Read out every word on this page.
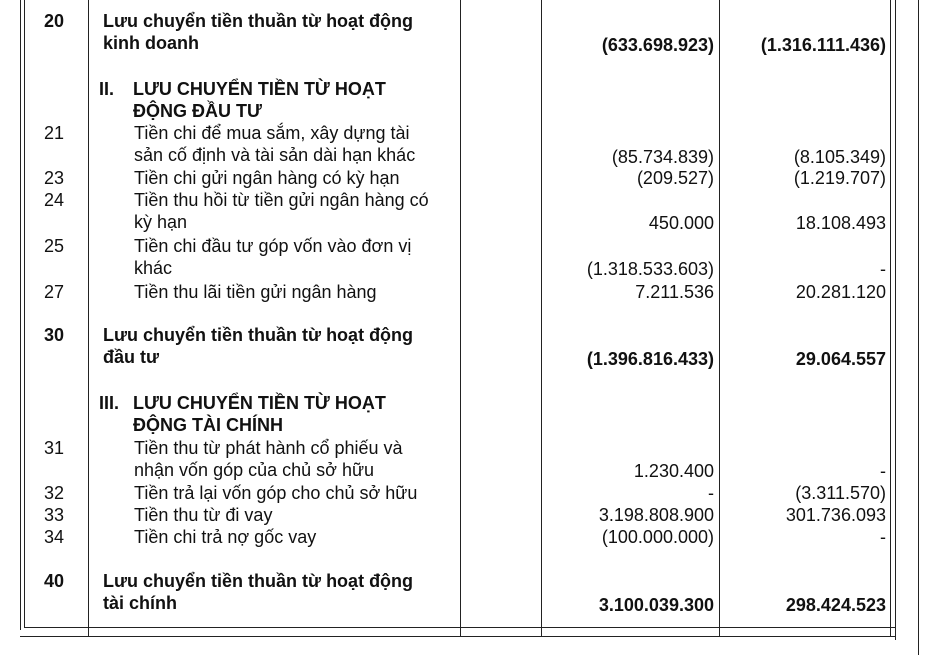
20	Lưu chuyển tiền thuần từ hoạt động
kinh doanh	(633.698.923)	(1.316.111.436)
II. LƯU CHUYỂN TIỀN TỪ HOẠT
ĐỘNG ĐẦU TƯ
21	Tiền chi để mua sắm, xây dựng tài
sản cố định và tài sản dài hạn khác	(85.734.839)	(8.105.349)
23	Tiền chi gửi ngân hàng có kỳ hạn	(209.527)	(1.219.707)
24	Tiền thu hồi từ tiền gửi ngân hàng có
kỳ hạn	450.000	18.108.493
25	Tiền chi đầu tư góp vốn vào đơn vị
khác	(1.318.533.603)	-
27	Tiền thu lãi tiền gửi ngân hàng	7.211.536	20.281.120
30	Lưu chuyển tiền thuần từ hoạt động
đầu tư	(1.396.816.433)	29.064.557
III. LƯU CHUYỂN TIỀN TỪ HOẠT
ĐỘNG TÀI CHÍNH
31	Tiền thu từ phát hành cổ phiếu và
nhận vốn góp của chủ sở hữu	1.230.400	-
32	Tiền trả lại vốn góp cho chủ sở hữu	-	(3.311.570)
33	Tiền thu từ đi vay	3.198.808.900	301.736.093
34	Tiền chi trả nợ gốc vay	(100.000.000)	-
40	Lưu chuyển tiền thuần từ hoạt động
tài chính	3.100.039.300	298.424.523
